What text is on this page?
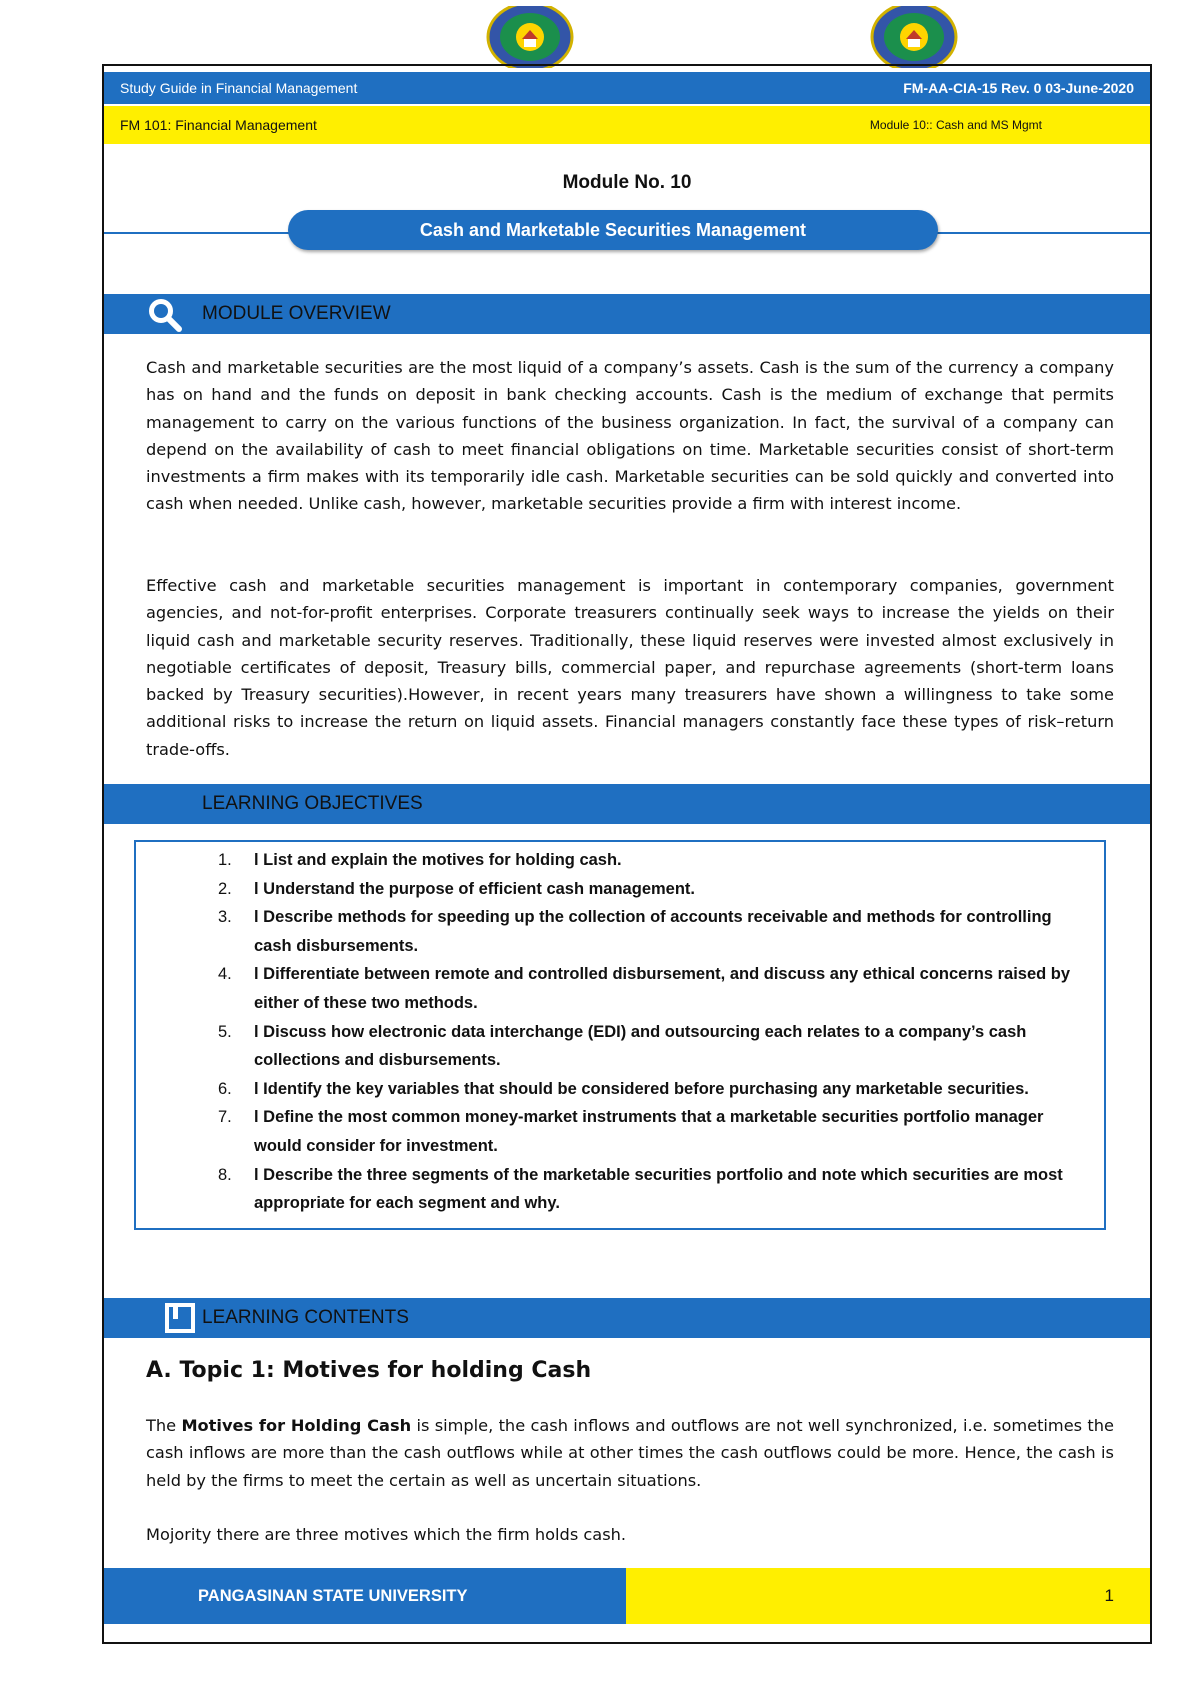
Study Guide in Financial Management	FM-AA-CIA-15 Rev. 0 03-June-2020
FM 101: Financial Management	Module 10:: Cash and MS Mgmt
Module No. 10
Cash and Marketable Securities Management
MODULE OVERVIEW

Cash and marketable securities are the most liquid of a company’s assets. Cash is the sum of the currency a company has on hand and the funds on deposit in bank checking accounts. Cash is the medium of exchange that permits management to carry on the various functions of the business organization. In fact, the survival of a company can depend on the availability of cash to meet financial obligations on time. Marketable securities consist of short-term investments a firm makes with its temporarily idle cash. Marketable securities can be sold quickly and converted into cash when needed. Unlike cash, however, marketable securities provide a firm with interest income.

Effective cash and marketable securities management is important in contemporary companies, government agencies, and not-for-profit enterprises. Corporate treasurers continually seek ways to increase the yields on their liquid cash and marketable security reserves. Traditionally, these liquid reserves were invested almost exclusively in negotiable certificates of deposit, Treasury bills, commercial paper, and repurchase agreements (short-term loans backed by Treasury securities).However, in recent years many treasurers have shown a willingness to take some additional risks to increase the return on liquid assets. Financial managers constantly face these types of risk–return trade-offs.

LEARNING OBJECTIVES
1.	l List and explain the motives for holding cash.
2.	l Understand the purpose of efficient cash management.
3.	l Describe methods for speeding up the collection of accounts receivable and methods for controlling cash disbursements.
4.	l Differentiate between remote and controlled disbursement, and discuss any ethical concerns raised by either of these two methods.
5.	l Discuss how electronic data interchange (EDI) and outsourcing each relates to a company’s cash collections and disbursements.
6.	l Identify the key variables that should be considered before purchasing any marketable securities.
7.	l Define the most common money-market instruments that a marketable securities portfolio manager would consider for investment.
8.	l Describe the three segments of the marketable securities portfolio and note which securities are most appropriate for each segment and why.
LEARNING CONTENTS
A. Topic 1: Motives for holding Cash

The Motives for Holding Cash is simple, the cash inflows and outflows are not well synchronized, i.e. sometimes the cash inflows are more than the cash outflows while at other times the cash outflows could be more. Hence, the cash is held by the firms to meet the certain as well as uncertain situations.

Mojority there are three motives which the firm holds cash.

PANGASINAN STATE UNIVERSITY	1
